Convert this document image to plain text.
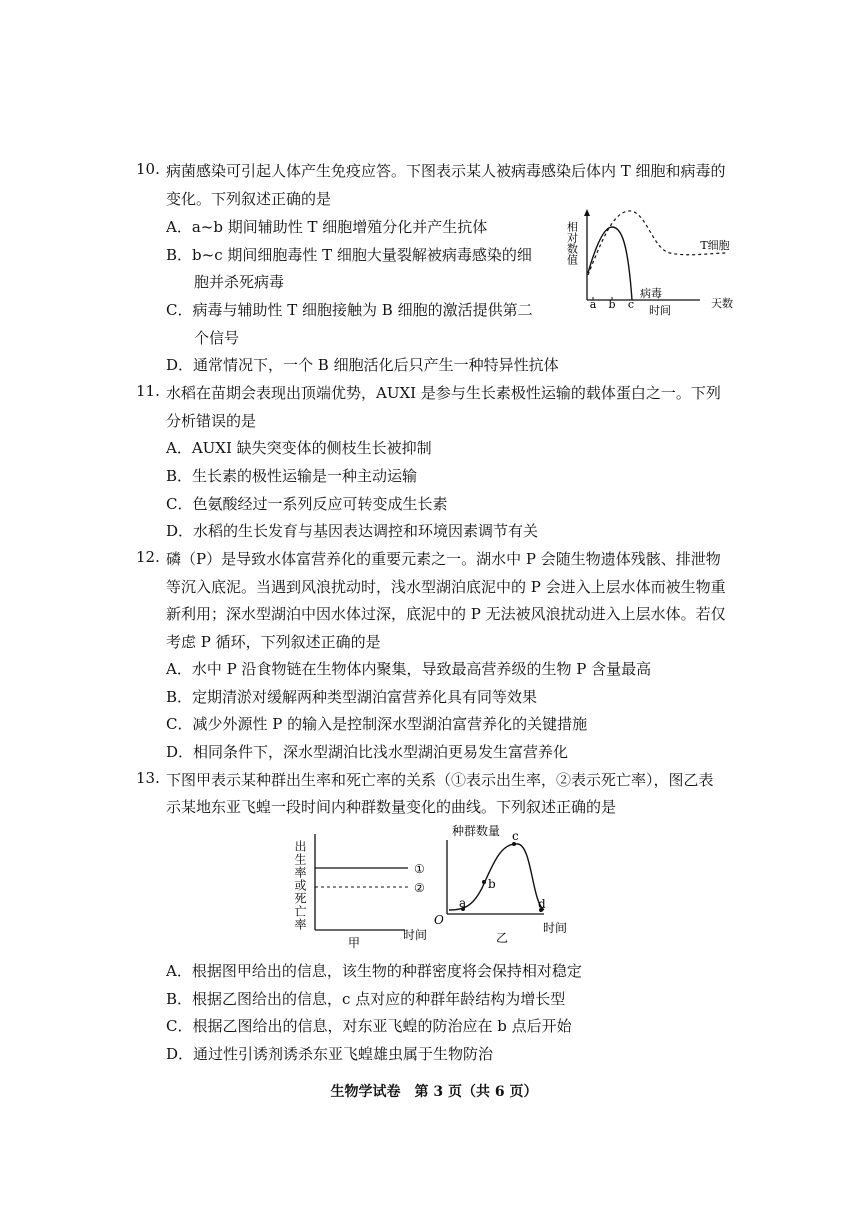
10. 病菌感染可引起人体产生免疫应答。下图表示某人被病毒感染后体内 T 细胞和病毒的
变化。下列叙述正确的是
A．a~b 期间辅助性 T 细胞增殖分化并产生抗体
B．b~c 期间细胞毒性 T 细胞大量裂解被病毒感染的细
胞并杀死病毒
C．病毒与辅助性 T 细胞接触为 B 细胞的激活提供第二
个信号
D．通常情况下，一个 B 细胞活化后只产生一种特异性抗体
a b c 时间
天数
T细胞
病毒
相对数值
11. 水稻在苗期会表现出顶端优势，AUXI 是参与生长素极性运输的载体蛋白之一。下列
分析错误的是
A．AUXI 缺失突变体的侧枝生长被抑制
B．生长素的极性运输是一种主动运输
C．色氨酸经过一系列反应可转变成生长素
D．水稻的生长发育与基因表达调控和环境因素调节有关
12. 磷（P）是导致水体富营养化的重要元素之一。湖水中 P 会随生物遗体残骸、排泄物
等沉入底泥。当遇到风浪扰动时，浅水型湖泊底泥中的 P 会进入上层水体而被生物重
新利用；深水型湖泊中因水体过深，底泥中的 P 无法被风浪扰动进入上层水体。若仅
考虑 P 循环，下列叙述正确的是
A．水中 P 沿食物链在生物体内聚集，导致最高营养级的生物 P 含量最高
B．定期清淤对缓解两种类型湖泊富营养化具有同等效果
C．减少外源性 P 的输入是控制深水型湖泊富营养化的关键措施
D．相同条件下，深水型湖泊比浅水型湖泊更易发生富营养化
13. 下图甲表示某种群出生率和死亡率的关系（①表示出生率，②表示死亡率），图乙表
示某地东亚飞蝗一段时间内种群数量变化的曲线。下列叙述正确的是
出生率或死亡率	①
②
甲
时间
种群数量
a
b
c
d
O
乙
时间
A．根据图甲给出的信息，该生物的种群密度将会保持相对稳定
B．根据乙图给出的信息，c 点对应的种群年龄结构为增长型
C．根据乙图给出的信息，对东亚飞蝗的防治应在 b 点后开始
D．通过性引诱剂诱杀东亚飞蝗雄虫属于生物防治
生物学试卷　第 3 页（共 6 页）
